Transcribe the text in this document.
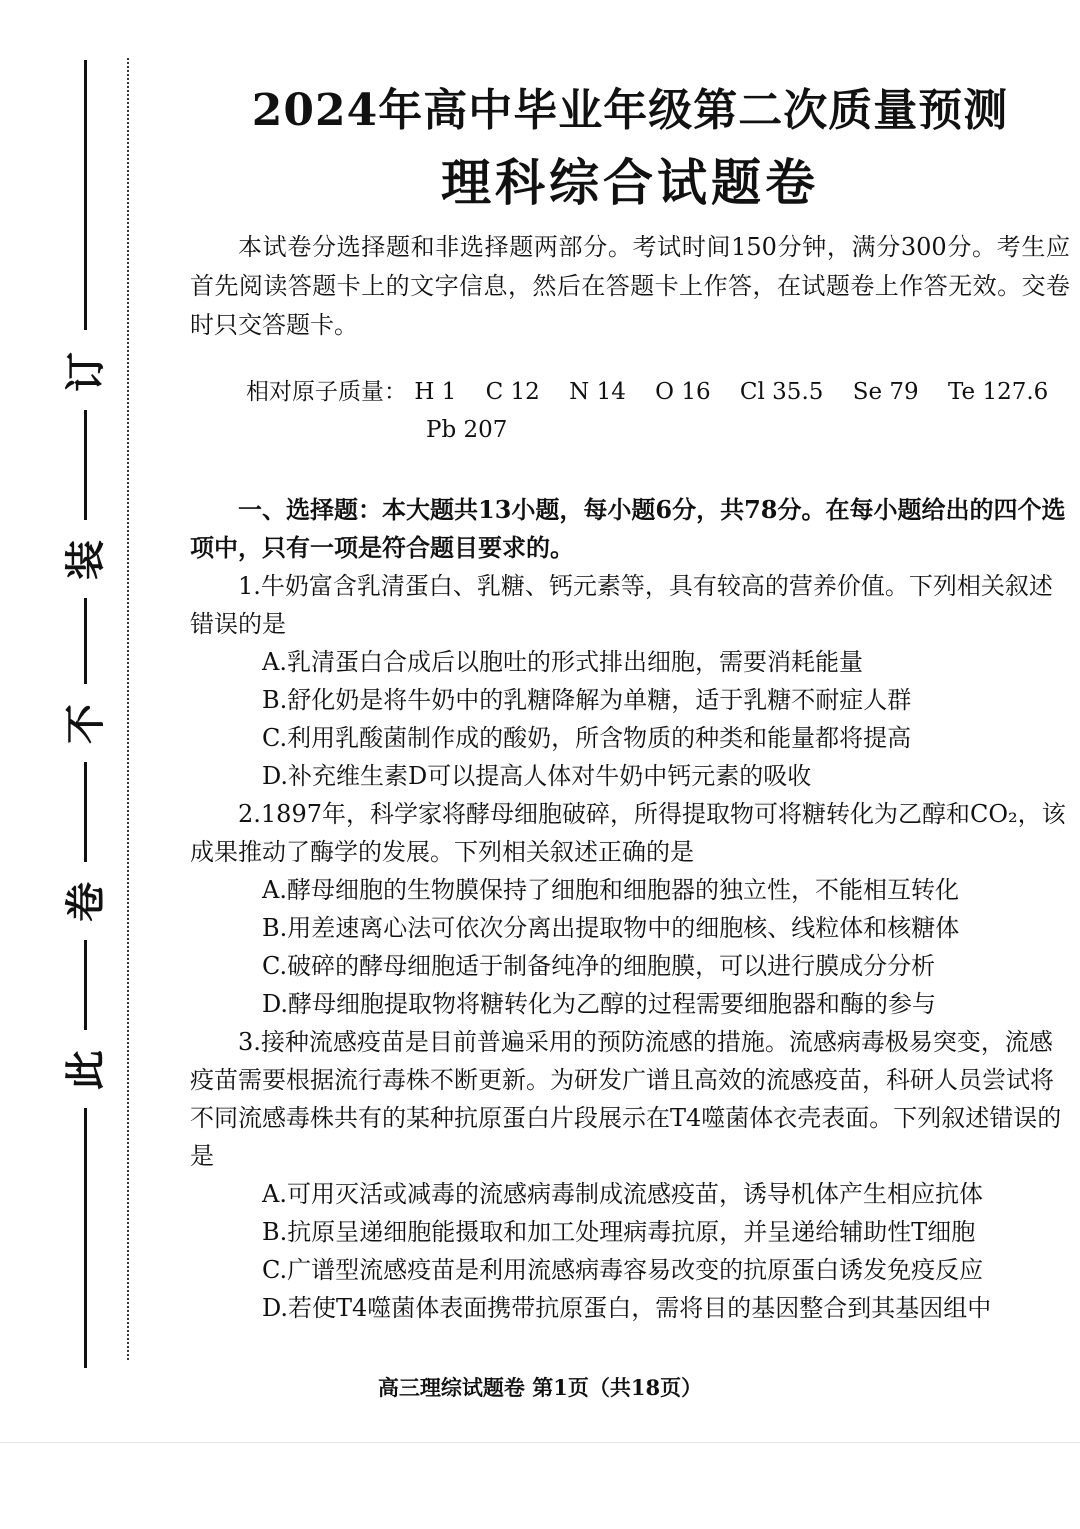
订
装
不
卷
此
2024年高中毕业年级第二次质量预测
理科综合试题卷

本试卷分选择题和非选择题两部分。考试时间150分钟，满分300分。考生应首先阅读答题卡上的文字信息，然后在答题卡上作答，在试题卷上作答无效。交卷时只交答题卡。

相对原子质量： H 1 C 12 N 14 O 16 Cl 35.5 Se 79 Te 127.6
Pb 207

一、选择题：本大题共13小题，每小题6分，共78分。在每小题给出的四个选项中，只有一项是符合题目要求的。

1.牛奶富含乳清蛋白、乳糖、钙元素等，具有较高的营养价值。下列相关叙述错误的是

A.乳清蛋白合成后以胞吐的形式排出细胞，需要消耗能量

B.舒化奶是将牛奶中的乳糖降解为单糖，适于乳糖不耐症人群

C.利用乳酸菌制作成的酸奶，所含物质的种类和能量都将提高

D.补充维生素D可以提高人体对牛奶中钙元素的吸收

2.1897年，科学家将酵母细胞破碎，所得提取物可将糖转化为乙醇和CO₂，该成果推动了酶学的发展。下列相关叙述正确的是

A.酵母细胞的生物膜保持了细胞和细胞器的独立性，不能相互转化

B.用差速离心法可依次分离出提取物中的细胞核、线粒体和核糖体

C.破碎的酵母细胞适于制备纯净的细胞膜，可以进行膜成分分析

D.酵母细胞提取物将糖转化为乙醇的过程需要细胞器和酶的参与

3.接种流感疫苗是目前普遍采用的预防流感的措施。流感病毒极易突变，流感疫苗需要根据流行毒株不断更新。为研发广谱且高效的流感疫苗，科研人员尝试将不同流感毒株共有的某种抗原蛋白片段展示在T4噬菌体衣壳表面。下列叙述错误的是

A.可用灭活或减毒的流感病毒制成流感疫苗，诱导机体产生相应抗体

B.抗原呈递细胞能摄取和加工处理病毒抗原，并呈递给辅助性T细胞

C.广谱型流感疫苗是利用流感病毒容易改变的抗原蛋白诱发免疫反应

D.若使T4噬菌体表面携带抗原蛋白，需将目的基因整合到其基因组中

高三理综试题卷 第1页（共18页）
